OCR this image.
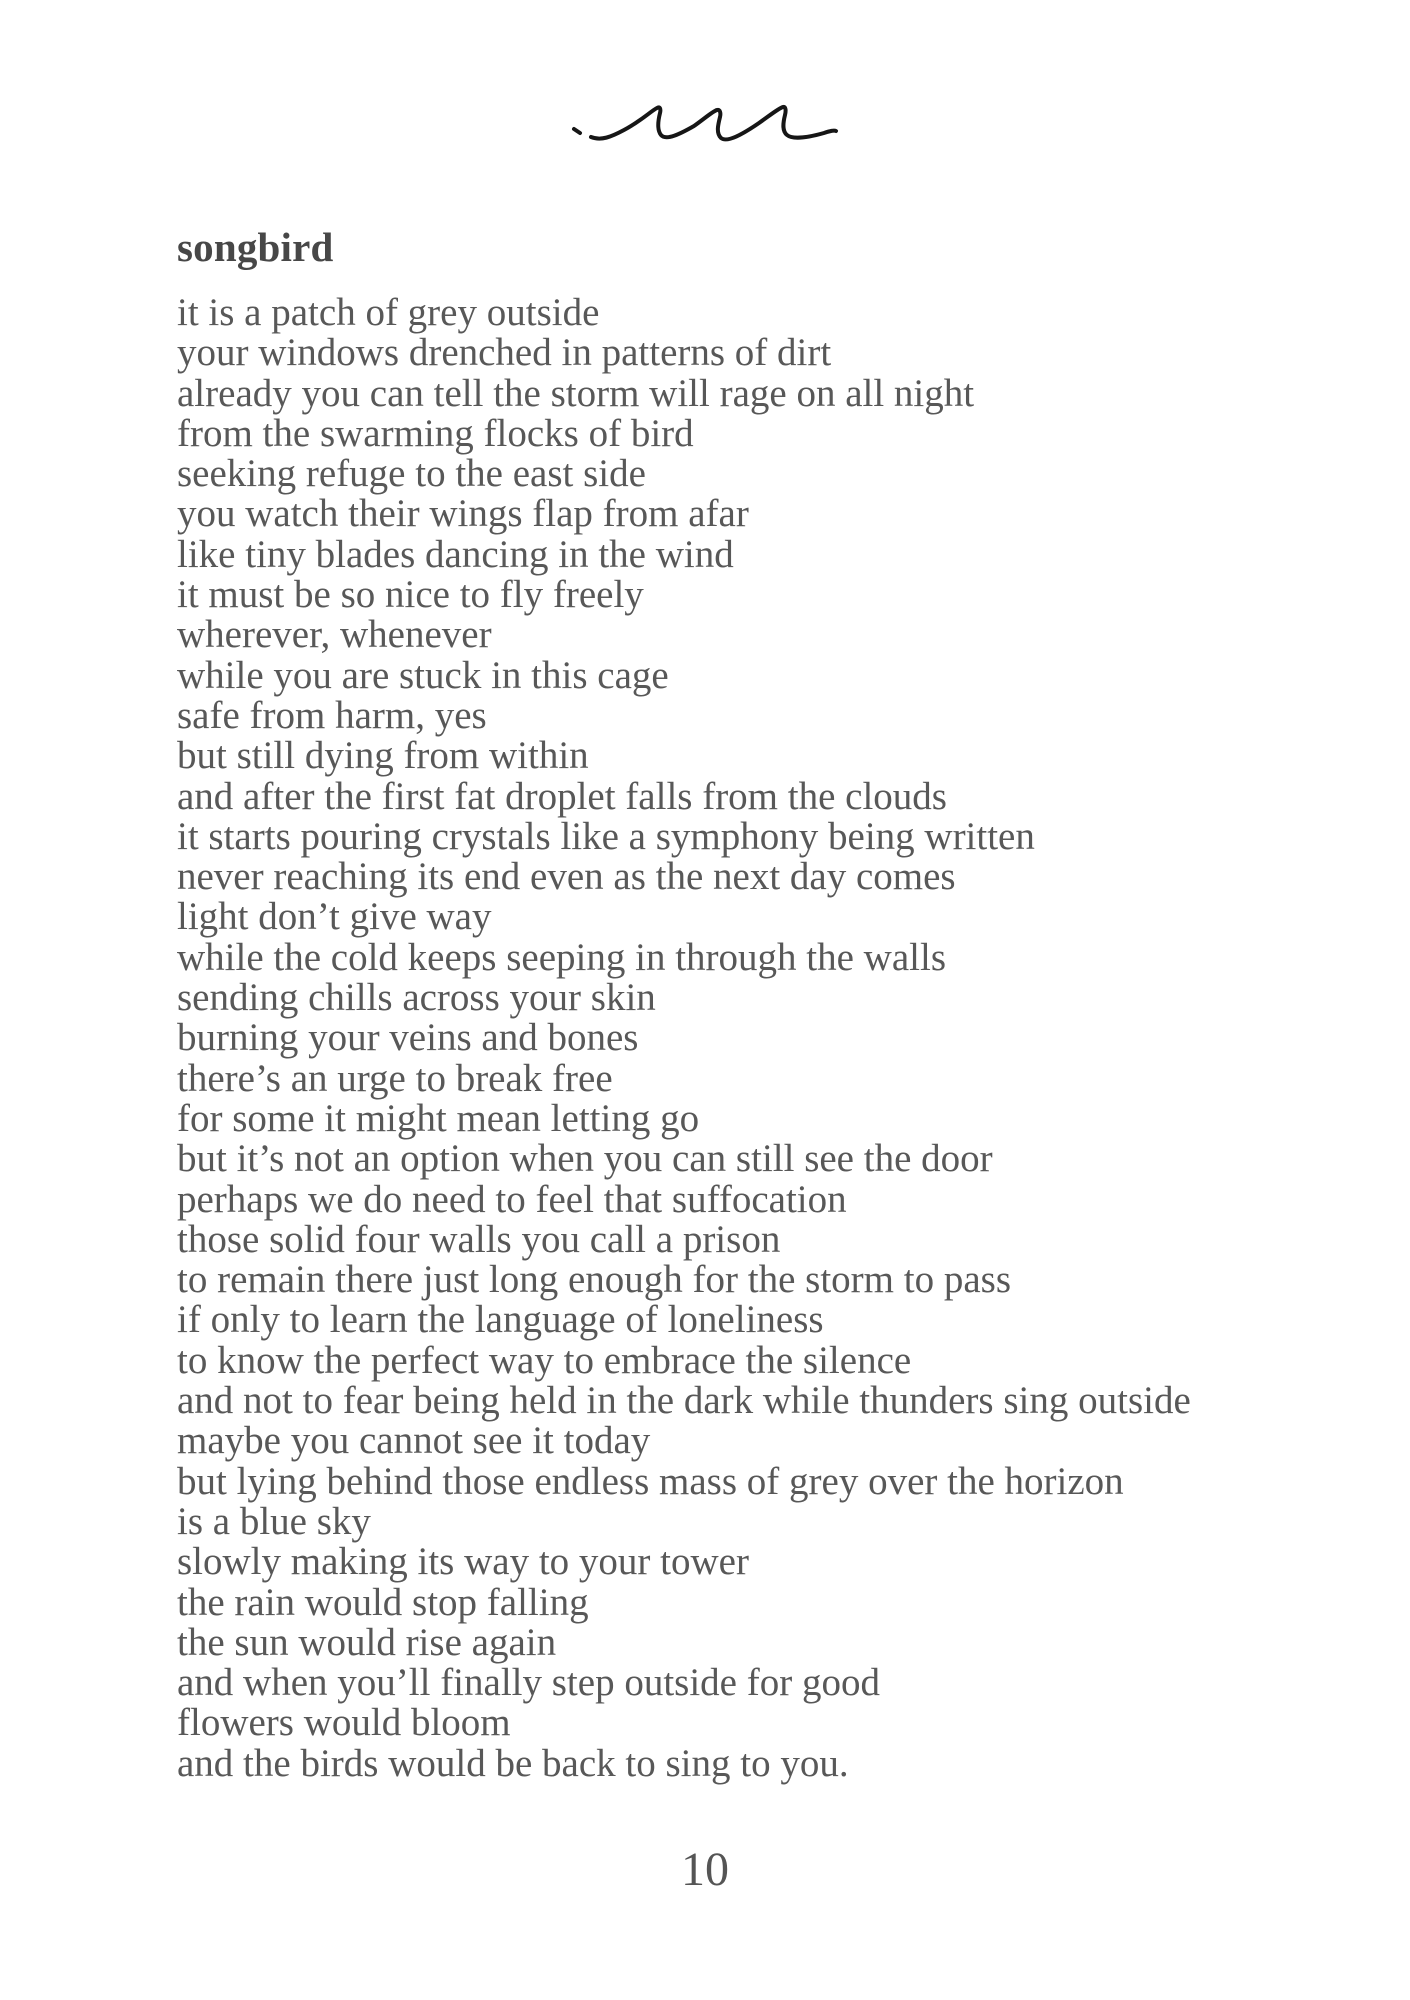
songbird
it is a patch of grey outside
your windows drenched in patterns of dirt
already you can tell the storm will rage on all night
from the swarming flocks of bird
seeking refuge to the east side
you watch their wings flap from afar
like tiny blades dancing in the wind
it must be so nice to fly freely
wherever, whenever
while you are stuck in this cage
safe from harm, yes
but still dying from within
and after the first fat droplet falls from the clouds
it starts pouring crystals like a symphony being written
never reaching its end even as the next day comes
light don’t give way
while the cold keeps seeping in through the walls
sending chills across your skin
burning your veins and bones
there’s an urge to break free
for some it might mean letting go
but it’s not an option when you can still see the door
perhaps we do need to feel that suffocation
those solid four walls you call a prison
to remain there just long enough for the storm to pass
if only to learn the language of loneliness
to know the perfect way to embrace the silence
and not to fear being held in the dark while thunders sing outside
maybe you cannot see it today
but lying behind those endless mass of grey over the horizon
is a blue sky
slowly making its way to your tower
the rain would stop falling
the sun would rise again
and when you’ll finally step outside for good
flowers would bloom
and the birds would be back to sing to you.
10
